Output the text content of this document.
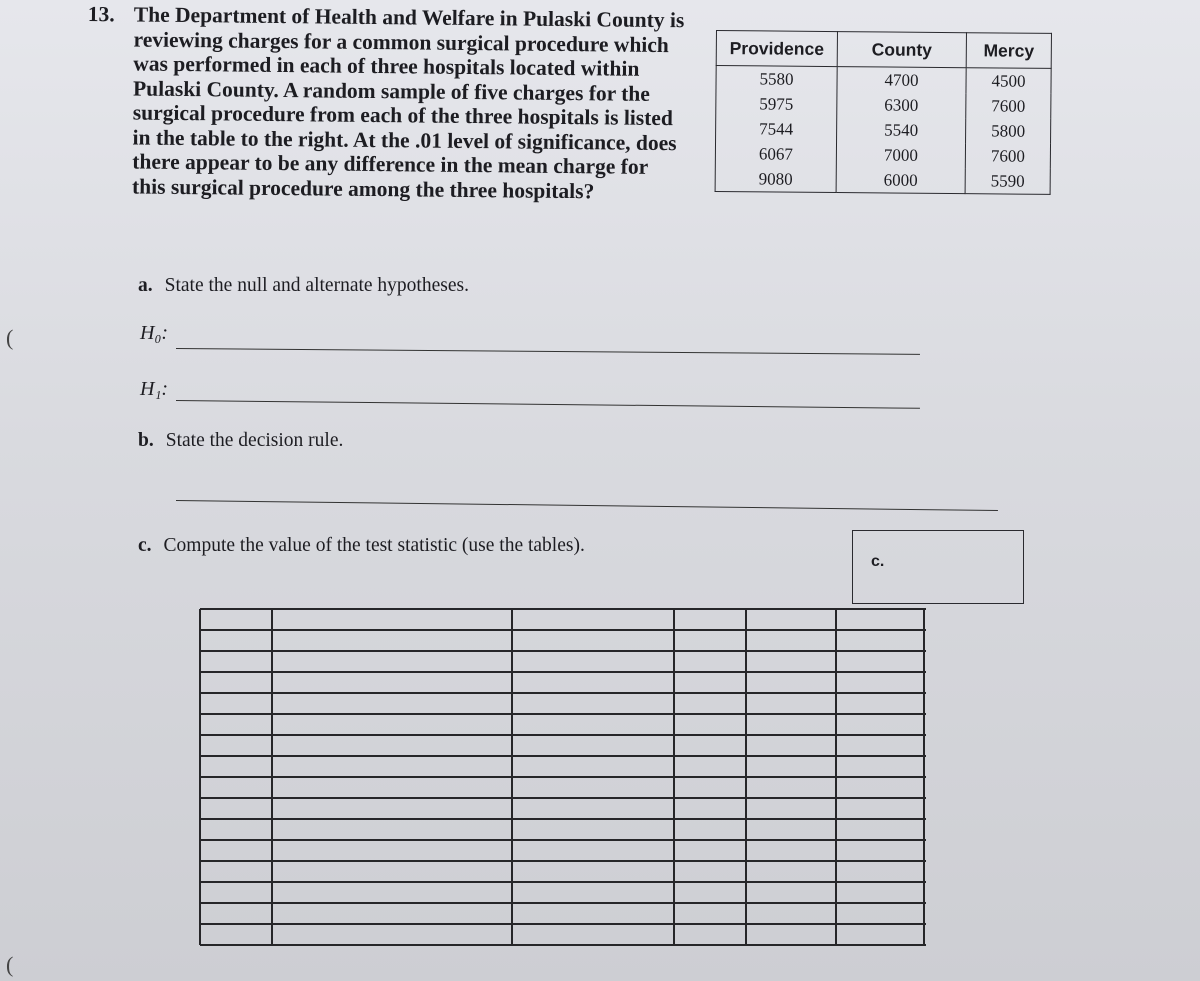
13. The Department of Health and Welfare in Pulaski County is reviewing charges for a common surgical procedure which was performed in each of three hospitals located within Pulaski County. A random sample of five charges for the surgical procedure from each of the three hospitals is listed in the table to the right. At the .01 level of significance, does there appear to be any difference in the mean charge for this surgical procedure among the three hospitals?
Providence	County	Mercy
5580	4700	4500
5975	6300	7600
7544	5540	5800
6067	7000	7600
9080	6000	5590
a. State the null and alternate hypotheses.
H₀:
H₁:
b. State the decision rule.
c. Compute the value of the test statistic (use the tables).
c.
(
(
